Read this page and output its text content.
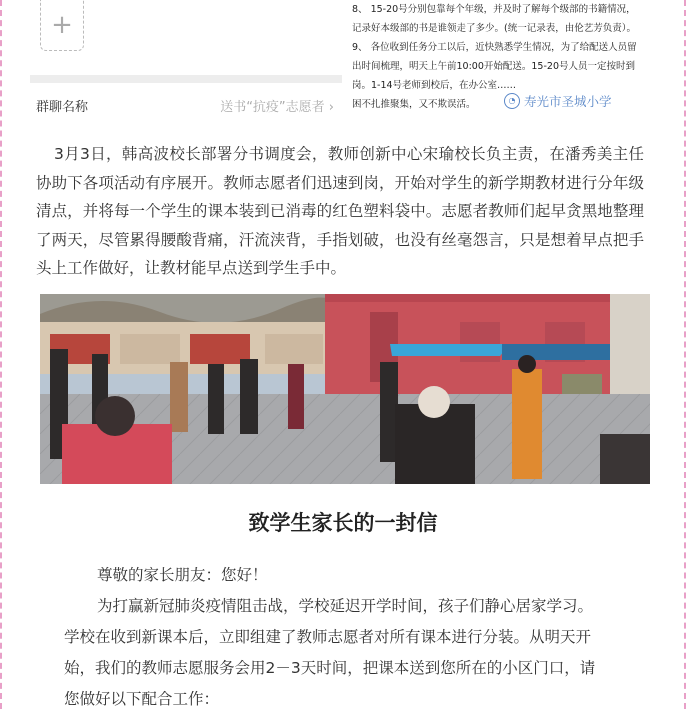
+
群聊名称	送书“抗疫”志愿者 ›
8、 15-20号分别包靠每个年级，并及时了解每个级部的书籍情况，
记录好本级部的书是谁领走了多少。(统一记录表，由伦艺芳负责）。
9、 各位收到任务分工以后，近快熟悉学生情况，为了给配送人员留
出时间梳理，明天上午前10:00开始配送。15-20号人员一定按时到
岗。1-14号老师到校后，在办公室……
困不扎推聚集，又不欺误活。	◔ 寿光市圣城小学
3月3日，韩高波校长部署分书调度会，教师创新中心宋瑜校长负主责，在潘秀美主任协助下各项活动有序展开。教师志愿者们迅速到岗，开始对学生的新学期教材进行分年级清点，并将每一个学生的课本装到已消毒的红色塑料袋中。志愿者教师们起早贪黑地整理了两天，尽管累得腰酸背痛，汗流浃背，手指划破，也没有丝毫怨言，只是想着早点把手头上工作做好，让教材能早点送到学生手中。
致学生家长的一封信
尊敬的家长朋友：您好！
为打赢新冠肺炎疫情阻击战，学校延迟开学时间，孩子们静心居家学习。
学校在收到新课本后，立即组建了教师志愿者对所有课本进行分装。从明天开
始，我们的教师志愿服务会用2－3天时间，把课本送到您所在的小区门口，请
您做好以下配合工作：
